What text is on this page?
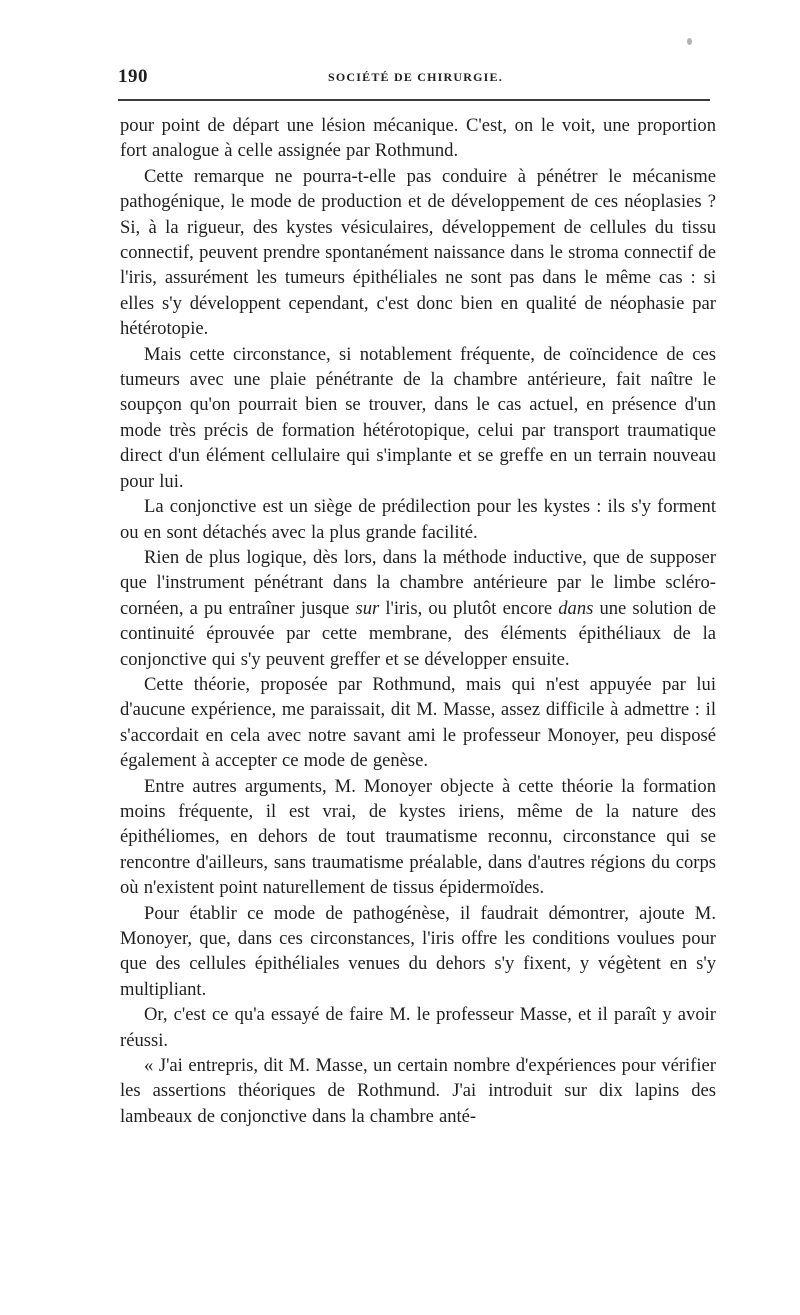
190	SOCIÉTÉ DE CHIRURGIE.

pour point de départ une lésion mécanique. C'est, on le voit, une proportion fort analogue à celle assignée par Rothmund.

Cette remarque ne pourra-t-elle pas conduire à pénétrer le mécanisme pathogénique, le mode de production et de développement de ces néoplasies ? Si, à la rigueur, des kystes vésiculaires, développement de cellules du tissu connectif, peuvent prendre spontanément naissance dans le stroma connectif de l'iris, assurément les tumeurs épithéliales ne sont pas dans le même cas : si elles s'y développent cependant, c'est donc bien en qualité de néophasie par hétérotopie.

Mais cette circonstance, si notablement fréquente, de coïncidence de ces tumeurs avec une plaie pénétrante de la chambre antérieure, fait naître le soupçon qu'on pourrait bien se trouver, dans le cas actuel, en présence d'un mode très précis de formation hétérotopique, celui par transport traumatique direct d'un élément cellulaire qui s'implante et se greffe en un terrain nouveau pour lui.

La conjonctive est un siège de prédilection pour les kystes : ils s'y forment ou en sont détachés avec la plus grande facilité.

Rien de plus logique, dès lors, dans la méthode inductive, que de supposer que l'instrument pénétrant dans la chambre antérieure par le limbe scléro-cornéen, a pu entraîner jusque sur l'iris, ou plutôt encore dans une solution de continuité éprouvée par cette membrane, des éléments épithéliaux de la conjonctive qui s'y peuvent greffer et se développer ensuite.

Cette théorie, proposée par Rothmund, mais qui n'est appuyée par lui d'aucune expérience, me paraissait, dit M. Masse, assez difficile à admettre : il s'accordait en cela avec notre savant ami le professeur Monoyer, peu disposé également à accepter ce mode de genèse.

Entre autres arguments, M. Monoyer objecte à cette théorie la formation moins fréquente, il est vrai, de kystes iriens, même de la nature des épithéliomes, en dehors de tout traumatisme reconnu, circonstance qui se rencontre d'ailleurs, sans traumatisme préalable, dans d'autres régions du corps où n'existent point naturellement de tissus épidermoïdes.

Pour établir ce mode de pathogénèse, il faudrait démontrer, ajoute M. Monoyer, que, dans ces circonstances, l'iris offre les conditions voulues pour que des cellules épithéliales venues du dehors s'y fixent, y végètent en s'y multipliant.

Or, c'est ce qu'a essayé de faire M. le professeur Masse, et il paraît y avoir réussi.

« J'ai entrepris, dit M. Masse, un certain nombre d'expériences pour vérifier les assertions théoriques de Rothmund. J'ai introduit sur dix lapins des lambeaux de conjonctive dans la chambre anté-
